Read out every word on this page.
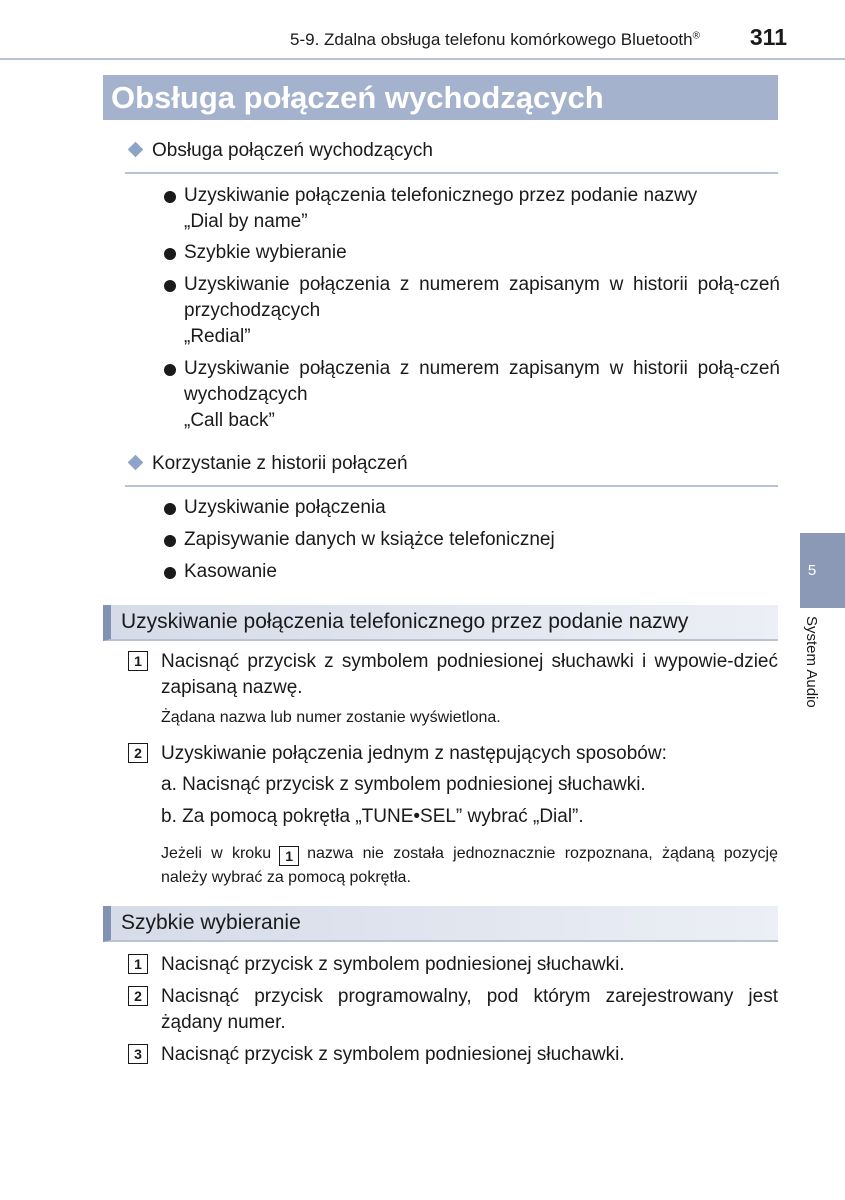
5-9. Zdalna obsługa telefonu komórkowego Bluetooth® 311
Obsługa połączeń wychodzących
Obsługa połączeń wychodzących
Uzyskiwanie połączenia telefonicznego przez podanie nazwy
„Dial by name”
Szybkie wybieranie
Uzyskiwanie połączenia z numerem zapisanym w historii połą-czeń przychodzących
„Redial”
Uzyskiwanie połączenia z numerem zapisanym w historii połą-czeń wychodzących
„Call back”
Korzystanie z historii połączeń
Uzyskiwanie połączenia
Zapisywanie danych w książce telefonicznej
Kasowanie
Uzyskiwanie połączenia telefonicznego przez podanie nazwy
1	Nacisnąć przycisk z symbolem podniesionej słuchawki i wypowie-dzieć zapisaną nazwę.
Żądana nazwa lub numer zostanie wyświetlona.
2	Uzyskiwanie połączenia jednym z następujących sposobów:
a. Nacisnąć przycisk z symbolem podniesionej słuchawki.
b. Za pomocą pokrętła „TUNE•SEL” wybrać „Dial”.
Jeżeli w kroku 1 nazwa nie została jednoznacznie rozpoznana, żądaną pozycję należy wybrać za pomocą pokrętła.
Szybkie wybieranie
1	Nacisnąć przycisk z symbolem podniesionej słuchawki.
2	Nacisnąć przycisk programowalny, pod którym zarejestrowany jest żądany numer.
3	Nacisnąć przycisk z symbolem podniesionej słuchawki.
5
System Audio
